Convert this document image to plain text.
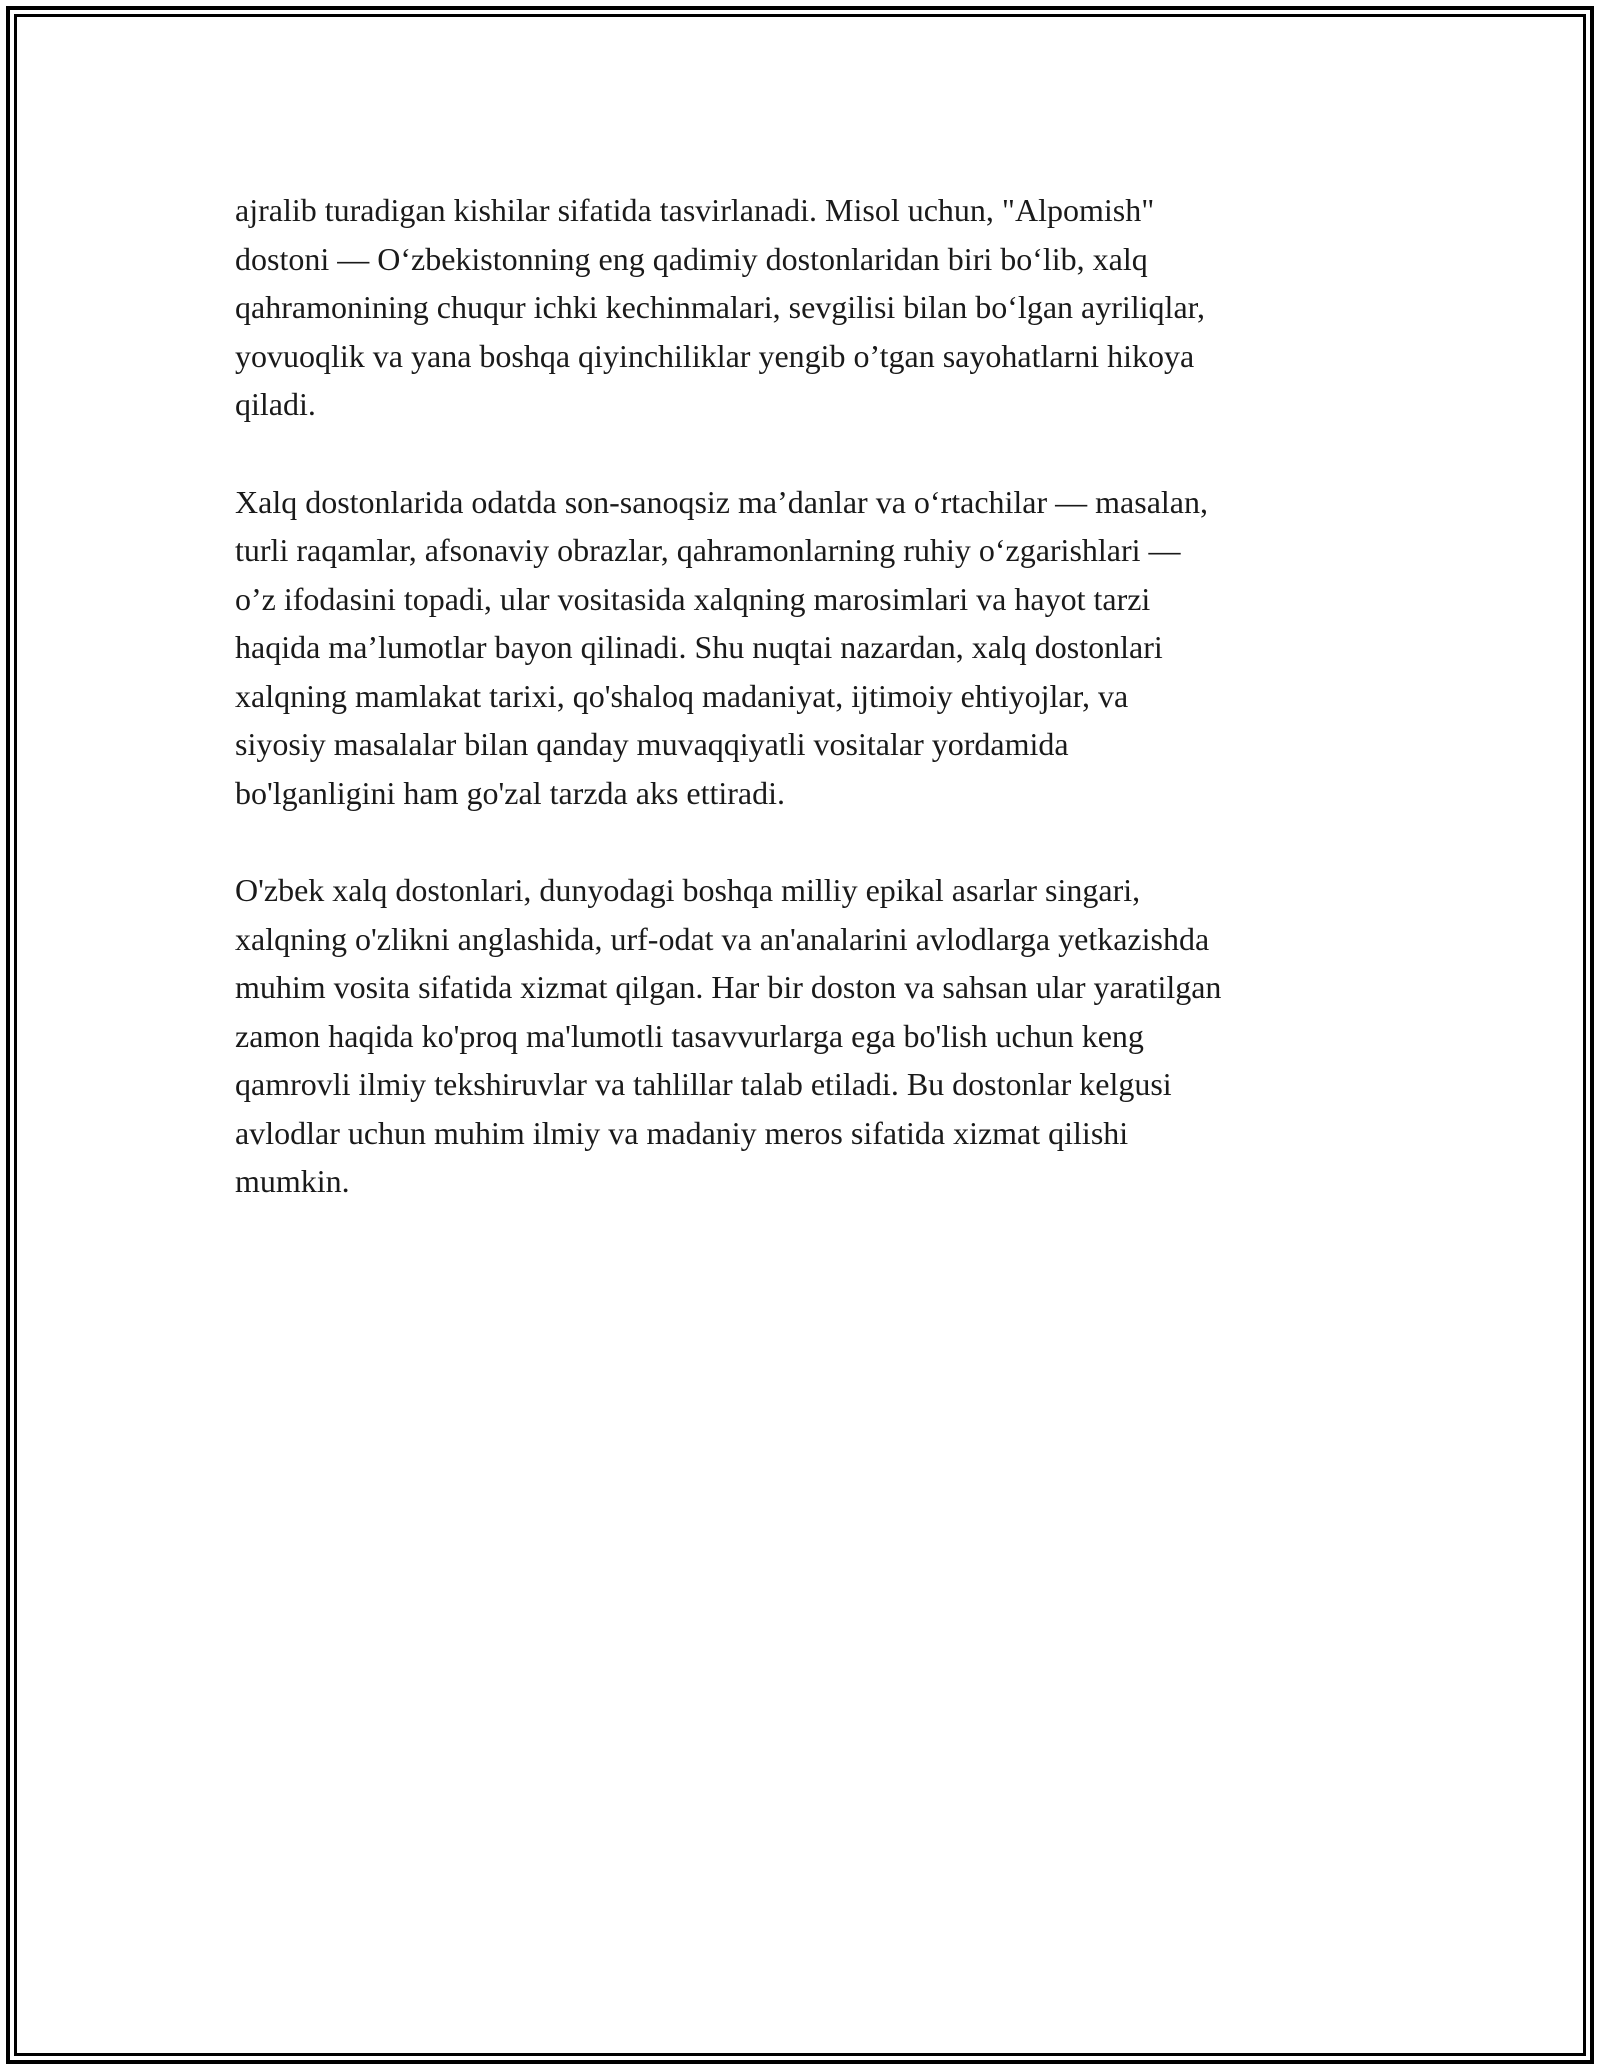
ajralib turadigan kishilar sifatida tasvirlanadi. Misol uchun, "Alpomish"
dostoni — O‘zbekistonning eng qadimiy dostonlaridan biri bo‘lib, xalq
qahramonining chuqur ichki kechinmalari, sevgilisi bilan bo‘lgan ayriliqlar,
yovuoqlik va yana boshqa qiyinchiliklar yengib o’tgan sayohatlarni hikoya
qiladi.

Xalq dostonlarida odatda son-sanoqsiz ma’danlar va o‘rtachilar — masalan,
turli raqamlar, afsonaviy obrazlar, qahramonlarning ruhiy o‘zgarishlari —
o’z ifodasini topadi, ular vositasida xalqning marosimlari va hayot tarzi
haqida ma’lumotlar bayon qilinadi. Shu nuqtai nazardan, xalq dostonlari
xalqning mamlakat tarixi, qo'shaloq madaniyat, ijtimoiy ehtiyojlar, va
siyosiy masalalar bilan qanday muvaqqiyatli vositalar yordamida
bo'lganligini ham go'zal tarzda aks ettiradi.

O'zbek xalq dostonlari, dunyodagi boshqa milliy epikal asarlar singari,
xalqning o'zlikni anglashida, urf-odat va an'analarini avlodlarga yetkazishda
muhim vosita sifatida xizmat qilgan. Har bir doston va sahsan ular yaratilgan
zamon haqida ko'proq ma'lumotli tasavvurlarga ega bo'lish uchun keng
qamrovli ilmiy tekshiruvlar va tahlillar talab etiladi. Bu dostonlar kelgusi
avlodlar uchun muhim ilmiy va madaniy meros sifatida xizmat qilishi
mumkin.
